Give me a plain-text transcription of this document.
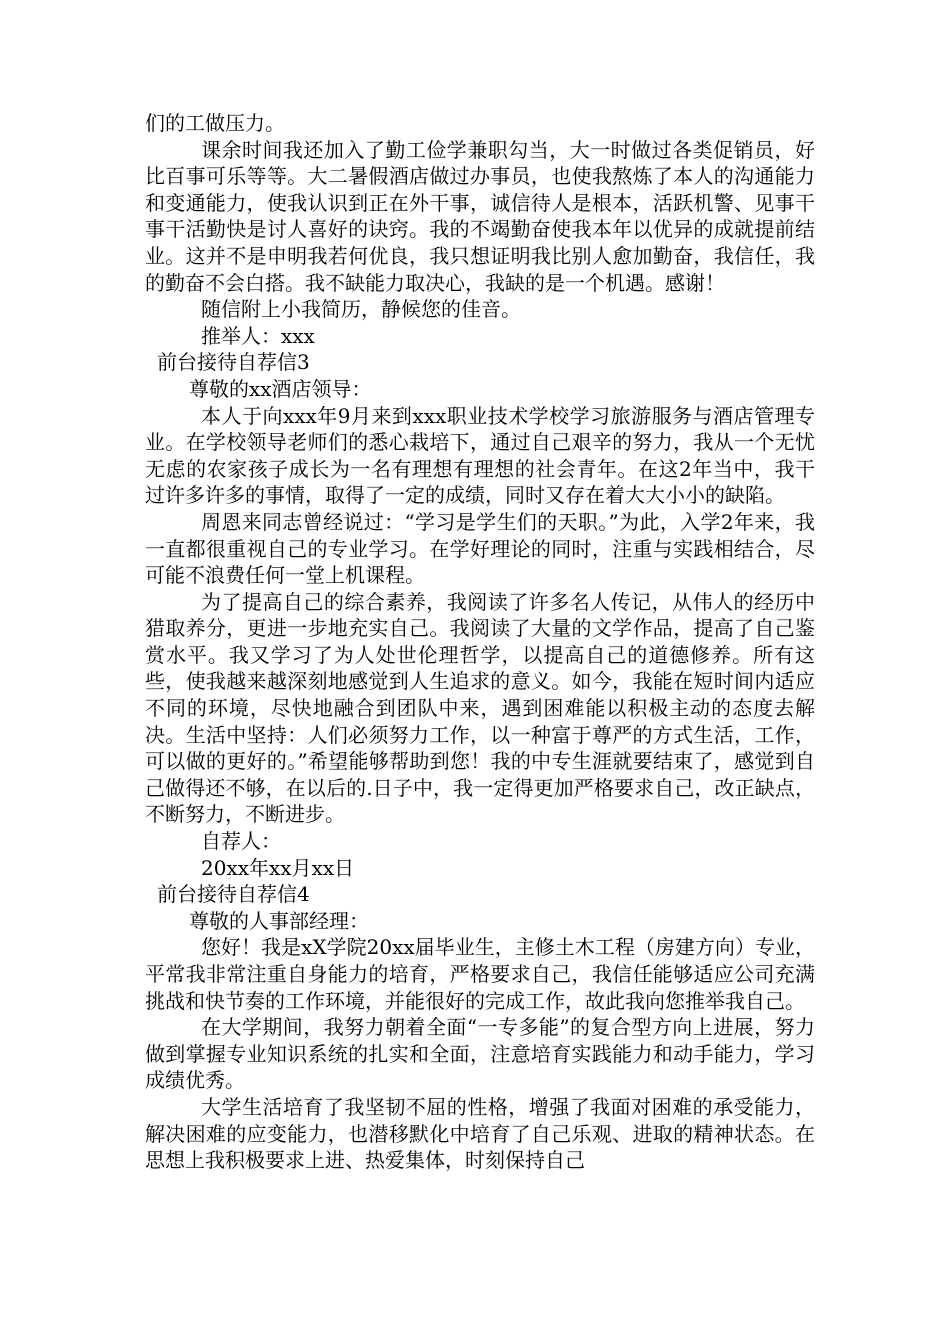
们的工做压力。

课余时间我还加入了勤工俭学兼职勾当，大一时做过各类促销员，好比百事可乐等等。大二暑假酒店做过办事员，也使我熬炼了本人的沟通能力和变通能力，使我认识到正在外干事，诚信待人是根本，活跃机警、见事干事干活勤快是讨人喜好的诀窍。我的不竭勤奋使我本年以优异的成就提前结业。这并不是申明我若何优良，我只想证明我比别人愈加勤奋，我信任，我的勤奋不会白搭。我不缺能力取决心，我缺的是一个机遇。感谢！

随信附上小我简历，静候您的佳音。

推举人：xxx

前台接待自荐信3

尊敬的xx酒店领导：

本人于向xxx年9月来到xxx职业技术学校学习旅游服务与酒店管理专业。在学校领导老师们的悉心栽培下，通过自己艰辛的努力，我从一个无忧无虑的农家孩子成长为一名有理想有理想的社会青年。在这2年当中，我干过许多许多的事情，取得了一定的成绩，同时又存在着大大小小的缺陷。

周恩来同志曾经说过：“学习是学生们的天职。”为此，入学2年来，我一直都很重视自己的专业学习。在学好理论的同时，注重与实践相结合，尽可能不浪费任何一堂上机课程。

为了提高自己的综合素养，我阅读了许多名人传记，从伟人的经历中猎取养分，更进一步地充实自己。我阅读了大量的文学作品，提高了自己鉴赏水平。我又学习了为人处世伦理哲学，以提高自己的道德修养。所有这些，使我越来越深刻地感觉到人生追求的意义。如今，我能在短时间内适应不同的环境，尽快地融合到团队中来，遇到困难能以积极主动的态度去解决。生活中坚持：人们必须努力工作，以一种富于尊严的方式生活，工作，可以做的更好的。”希望能够帮助到您！我的中专生涯就要结束了，感觉到自己做得还不够，在以后的.日子中，我一定得更加严格要求自己，改正缺点，不断努力，不断进步。

自荐人：

20xx年xx月xx日

前台接待自荐信4

尊敬的人事部经理：

您好！我是xX学院20xx届毕业生，主修土木工程（房建方向）专业，平常我非常注重自身能力的培育，严格要求自己，我信任能够适应公司充满挑战和快节奏的工作环境，并能很好的完成工作，故此我向您推举我自己。

在大学期间，我努力朝着全面“一专多能”的复合型方向上进展，努力做到掌握专业知识系统的扎实和全面，注意培育实践能力和动手能力，学习成绩优秀。

大学生活培育了我坚韧不屈的性格，增强了我面对困难的承受能力，解决困难的应变能力，也潜移默化中培育了自己乐观、进取的精神状态。在思想上我积极要求上进、热爱集体，时刻保持自己
